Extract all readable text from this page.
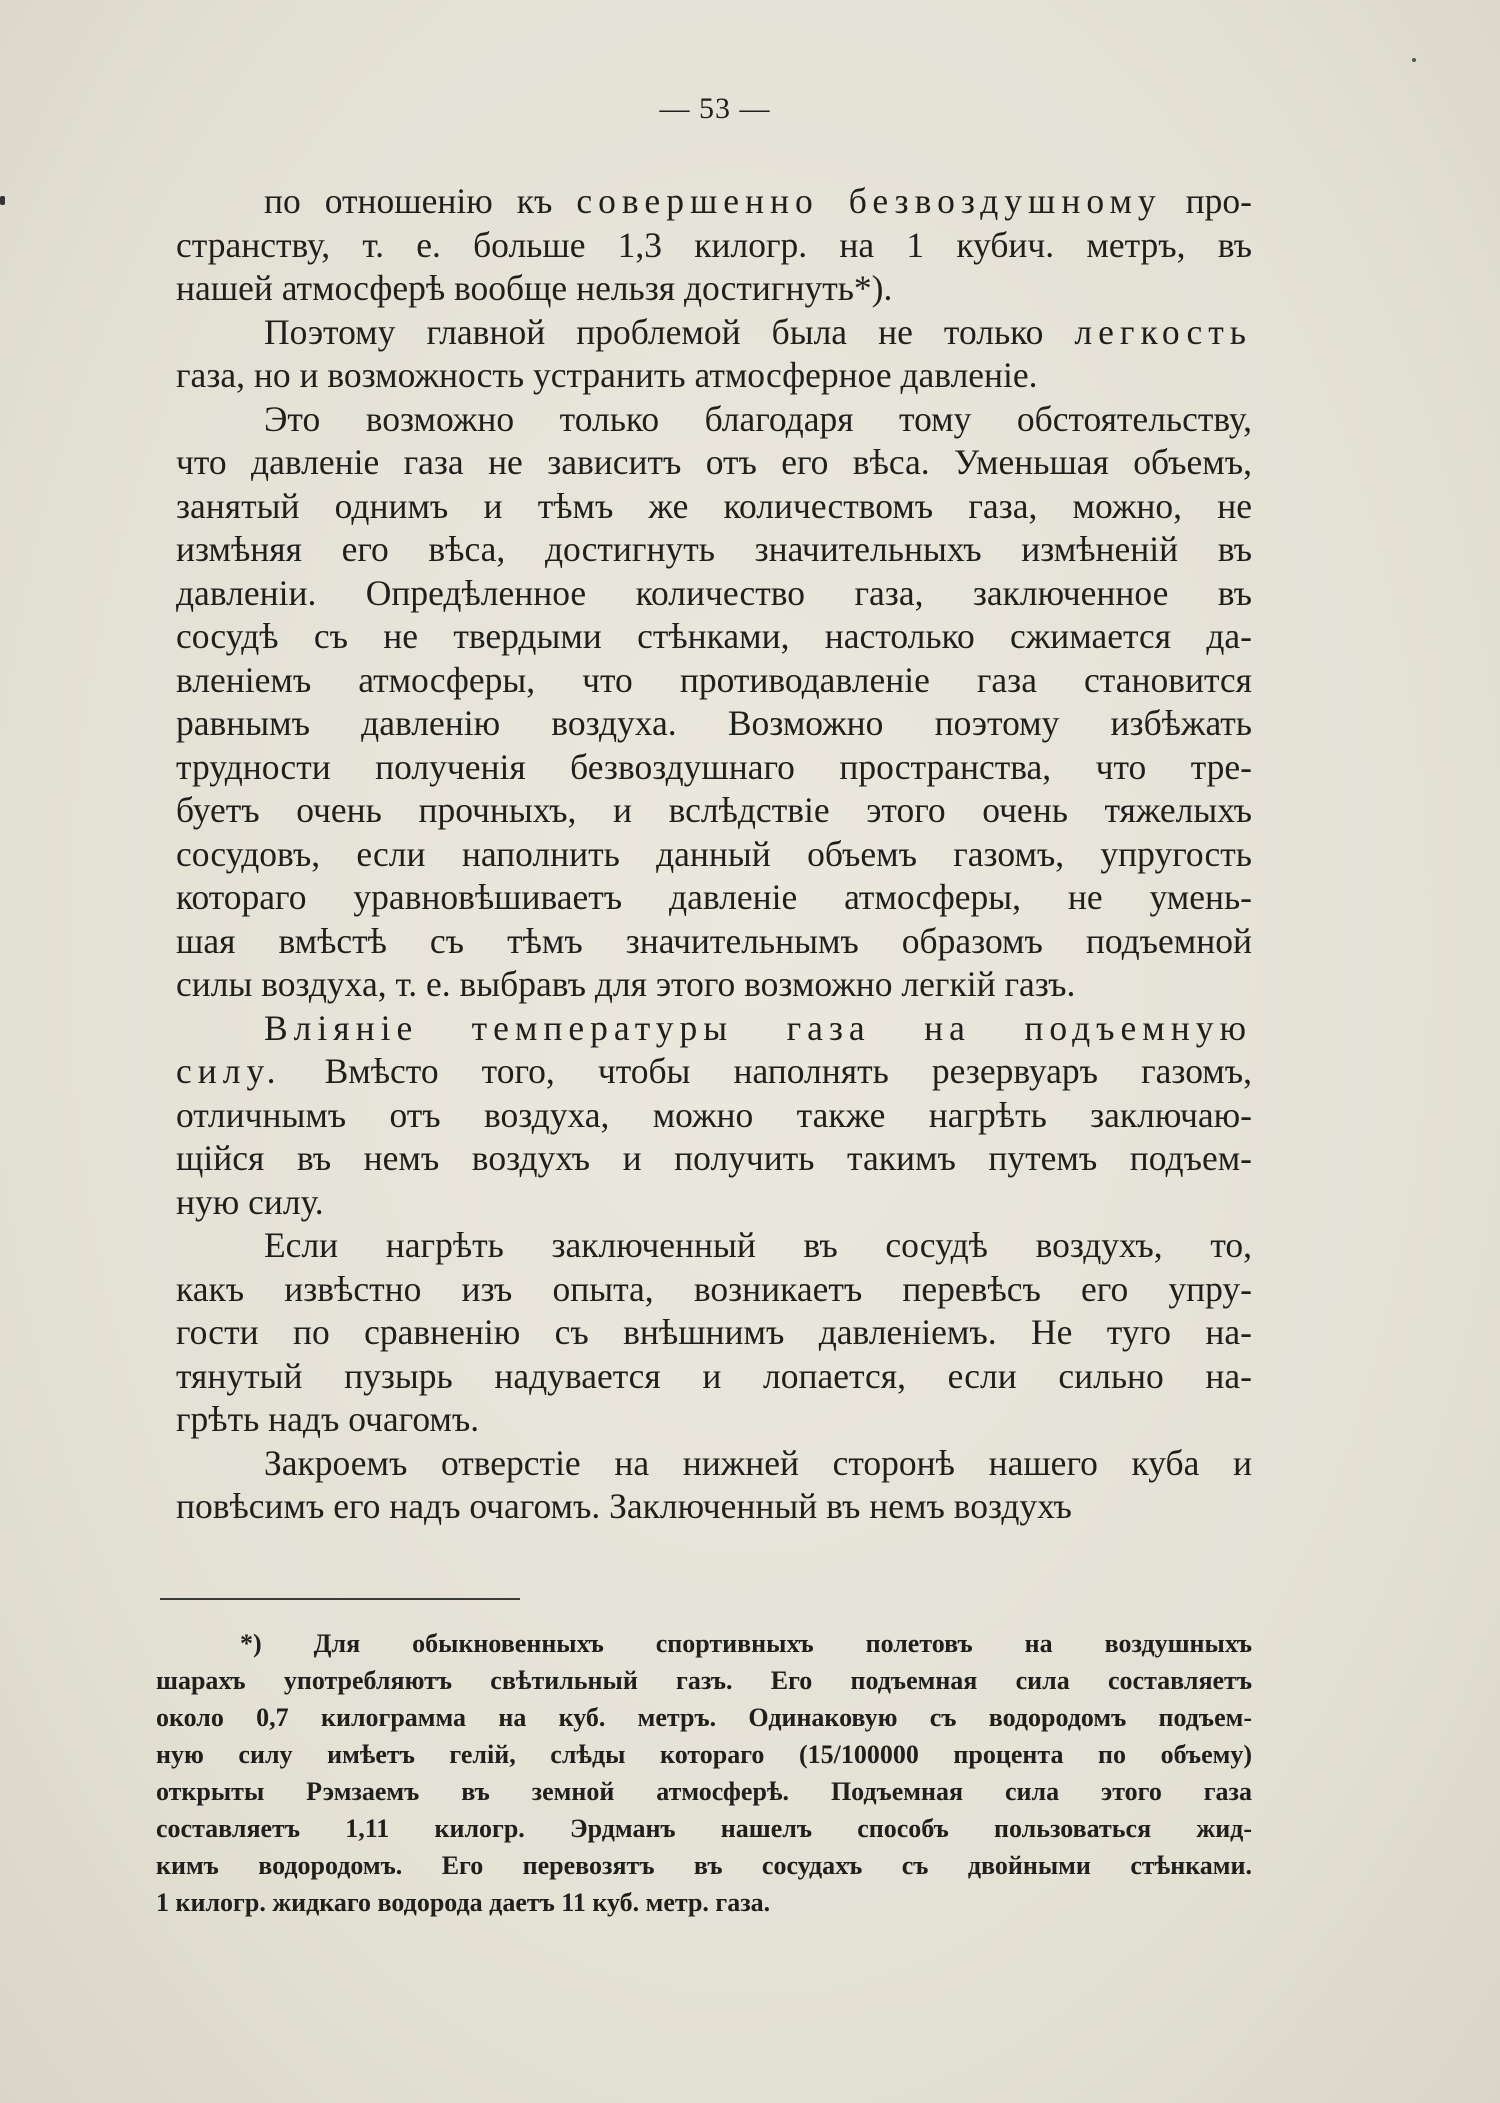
— 53 —

по отношенію къ совершенно безвоздушному про-

странству, т. е. больше 1,3 килогр. на 1 кубич. метръ, въ

нашей атмосферѣ вообще нельзя достигнуть*).

Поэтому главной проблемой была не только легкость

газа, но и возможность устранить атмосферное давленіе.

Это возможно только благодаря тому обстоятельству,

что давленіе газа не зависитъ отъ его вѣса. Уменьшая объемъ,

занятый однимъ и тѣмъ же количествомъ газа, можно, не

измѣняя его вѣса, достигнуть значительныхъ измѣненій въ

давленіи. Опредѣленное количество газа, заключенное въ

сосудѣ съ не твердыми стѣнками, настолько сжимается да-

вленіемъ атмосферы, что противодавленіе газа становится

равнымъ давленію воздуха. Возможно поэтому избѣжать

трудности полученія безвоздушнаго пространства, что тре-

буетъ очень прочныхъ, и вслѣдствіе этого очень тяжелыхъ

сосудовъ, если наполнить данный объемъ газомъ, упругость

котораго уравновѣшиваетъ давленіе атмосферы, не умень-

шая вмѣстѣ съ тѣмъ значительнымъ образомъ подъемной

силы воздуха, т. е. выбравъ для этого возможно легкій газъ.

Вліяніе температуры газа на подъемную

силу. Вмѣсто того, чтобы наполнять резервуаръ газомъ,

отличнымъ отъ воздуха, можно также нагрѣть заключаю-

щійся въ немъ воздухъ и получить такимъ путемъ подъем-

ную силу.

Если нагрѣть заключенный въ сосудѣ воздухъ, то,

какъ извѣстно изъ опыта, возникаетъ перевѣсъ его упру-

гости по сравненію съ внѣшнимъ давленіемъ. Не туго на-

тянутый пузырь надувается и лопается, если сильно на-

грѣть надъ очагомъ.

Закроемъ отверстіе на нижней сторонѣ нашего куба и

повѣсимъ его надъ очагомъ. Заключенный въ немъ воздухъ

*) Для обыкновенныхъ спортивныхъ полетовъ на воздушныхъ

шарахъ употребляютъ свѣтильный газъ. Его подъемная сила составляетъ

около 0,7 килограмма на куб. метръ. Одинаковую съ водородомъ подъем-

ную силу имѣетъ гелій, слѣды котораго (15/100000 процента по объему)

открыты Рэмзаемъ въ земной атмосферѣ. Подъемная сила этого газа

составляетъ 1,11 килогр. Эрдманъ нашелъ способъ пользоваться жид-

кимъ водородомъ. Его перевозятъ въ сосудахъ съ двойными стѣнками.

1 килогр. жидкаго водорода даетъ 11 куб. метр. газа.
